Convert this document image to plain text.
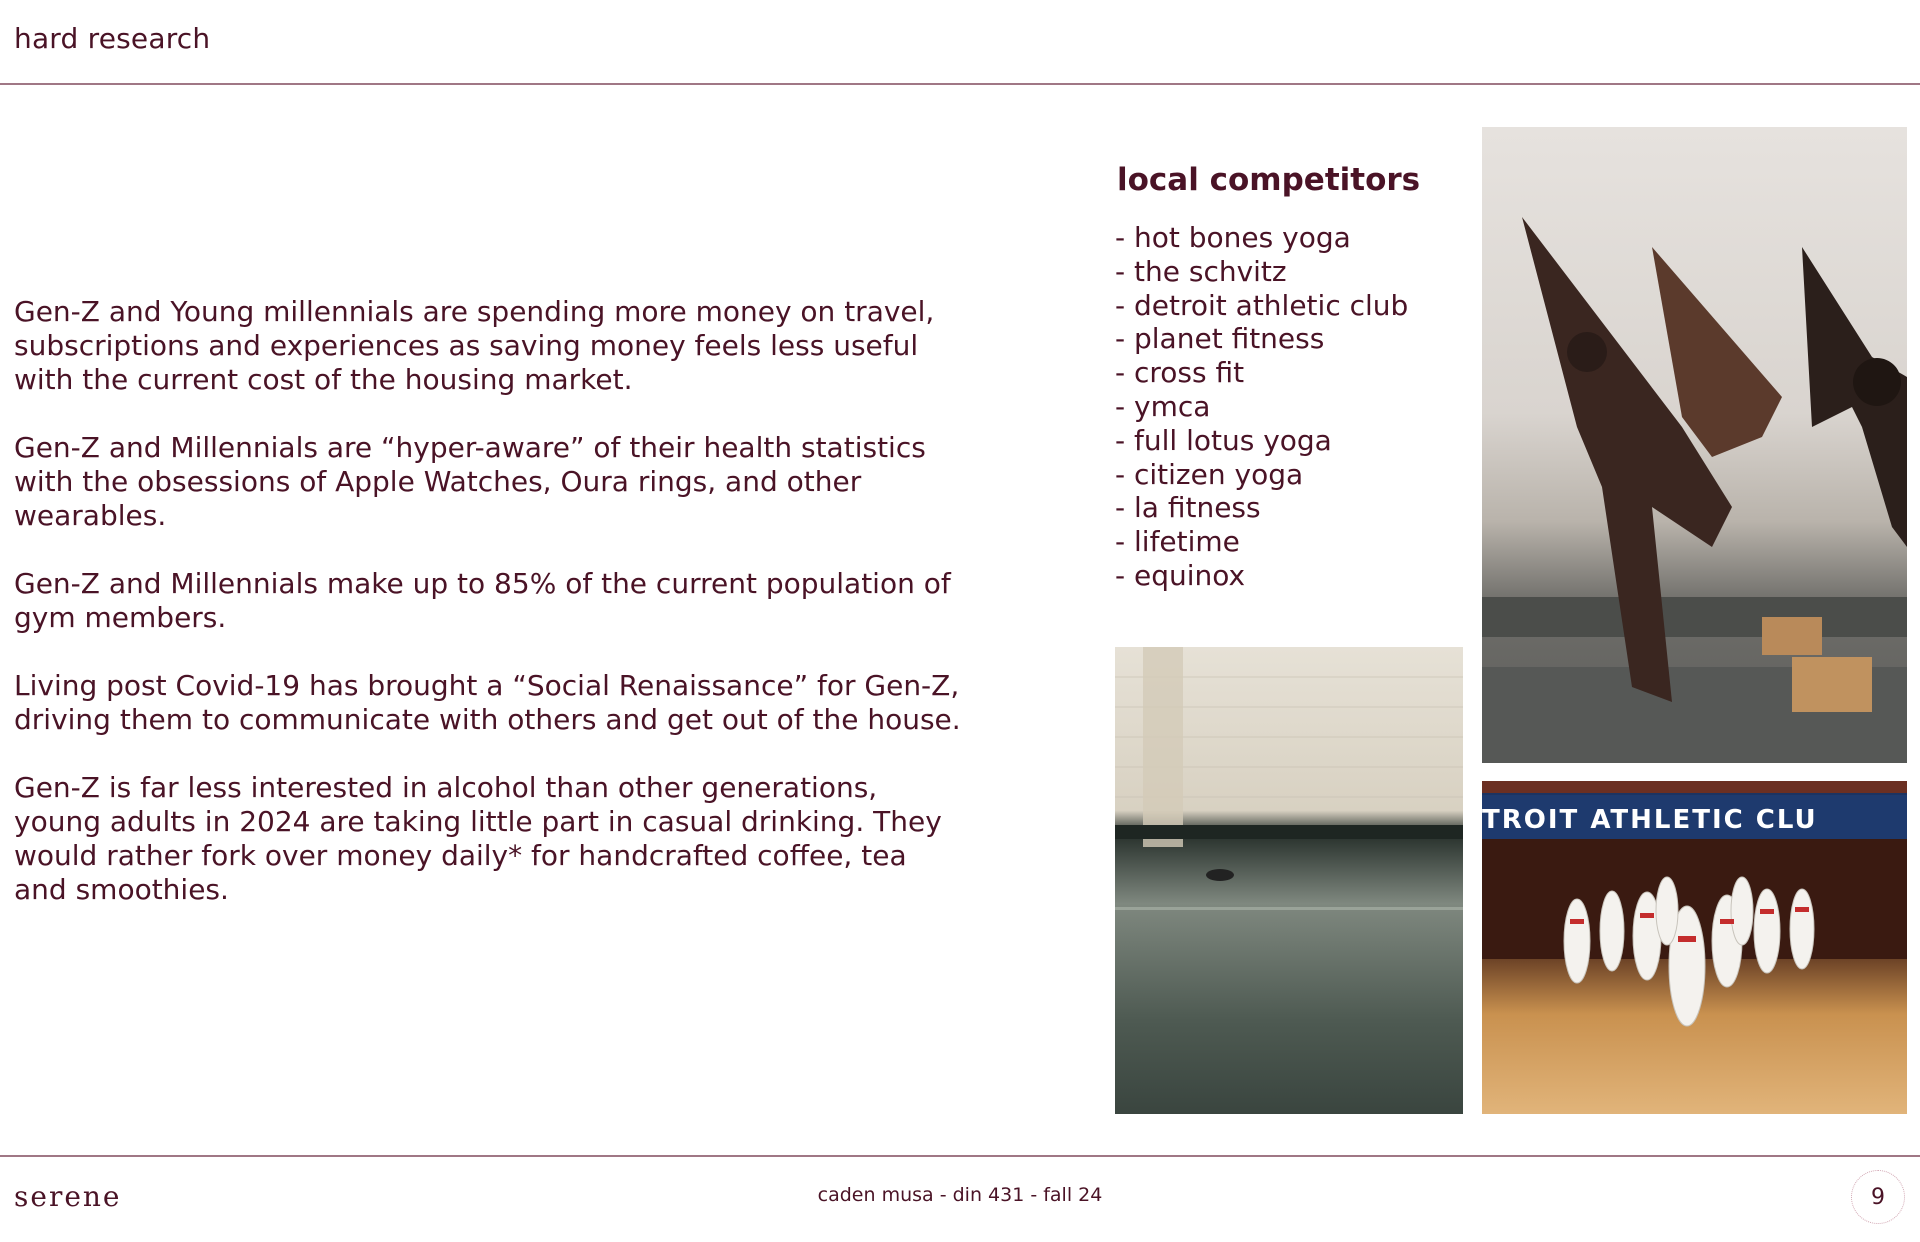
hard research

Gen-Z and Young millennials are spending more money on travel, subscriptions and experiences as saving money feels less useful with the current cost of the housing market.

Gen-Z and Millennials are “hyper-aware” of their health statistics with the obsessions of Apple Watches, Oura rings, and other wearables.

Gen-Z and Millennials make up to 85% of the current population of gym members.

Living post Covid-19 has brought a “Social Renaissance” for Gen-Z, driving them to communicate with others and get out of the house.

Gen-Z is far less interested in alcohol than other generations, young adults in 2024 are taking little part in casual drinking. They would rather fork over money daily* for handcrafted coffee, tea and smoothies.

local competitors
- hot bones yoga
- the schvitz
- detroit athletic club
- planet fitness
- cross fit
- ymca
- full lotus yoga
- citizen yoga
- la fitness
- lifetime
- equinox
TROIT ATHLETIC CLU
serene	caden musa - din 431 - fall 24	9
